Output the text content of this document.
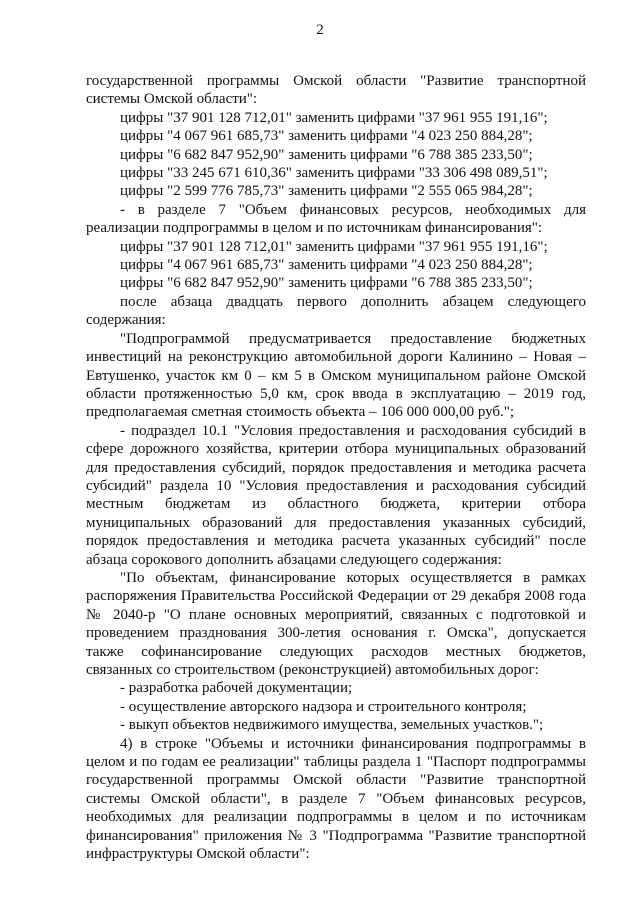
2

государственной программы Омской области "Развитие транспортной

системы Омской области":

цифры "37 901 128 712,01" заменить цифрами "37 961 955 191,16";

цифры "4 067 961 685,73" заменить цифрами "4 023 250 884,28";

цифры "6 682 847 952,90" заменить цифрами "6 788 385 233,50";

цифры "33 245 671 610,36" заменить цифрами "33 306 498 089,51";

цифры "2 599 776 785,73" заменить цифрами "2 555 065 984,28";

- в разделе 7 "Объем финансовых ресурсов, необходимых для

реализации подпрограммы в целом и по источникам финансирования":

цифры "37 901 128 712,01" заменить цифрами "37 961 955 191,16";

цифры "4 067 961 685,73" заменить цифрами "4 023 250 884,28";

цифры "6 682 847 952,90" заменить цифрами "6 788 385 233,50";

после абзаца двадцать первого дополнить абзацем следующего

содержания:

"Подпрограммой предусматривается предоставление бюджетных

инвестиций на реконструкцию автомобильной дороги Калинино – Новая –

Евтушенко, участок км 0 – км 5 в Омском муниципальном районе Омской

области протяженностью 5,0 км, срок ввода в эксплуатацию – 2019 год,

предполагаемая сметная стоимость объекта – 106 000 000,00 руб.";

- подраздел 10.1 "Условия предоставления и расходования субсидий в

сфере дорожного хозяйства, критерии отбора муниципальных образований

для предоставления субсидий, порядок предоставления и методика расчета

субсидий" раздела 10 "Условия предоставления и расходования субсидий

местным бюджетам из областного бюджета, критерии отбора

муниципальных образований для предоставления указанных субсидий,

порядок предоставления и методика расчета указанных субсидий" после

абзаца сорокового дополнить абзацами следующего содержания:

"По объектам, финансирование которых осуществляется в рамках

распоряжения Правительства Российской Федерации от 29 декабря 2008 года

№ 2040-р "О плане основных мероприятий, связанных с подготовкой и

проведением празднования 300-летия основания г. Омска", допускается

также софинансирование следующих расходов местных бюджетов,

связанных со строительством (реконструкцией) автомобильных дорог:

- разработка рабочей документации;

- осуществление авторского надзора и строительного контроля;

- выкуп объектов недвижимого имущества, земельных участков.";

4) в строке "Объемы и источники финансирования подпрограммы в

целом и по годам ее реализации" таблицы раздела 1 "Паспорт подпрограммы

государственной программы Омской области "Развитие транспортной

системы Омской области", в разделе 7 "Объем финансовых ресурсов,

необходимых для реализации подпрограммы в целом и по источникам

финансирования" приложения № 3 "Подпрограмма "Развитие транспортной

инфраструктуры Омской области":
